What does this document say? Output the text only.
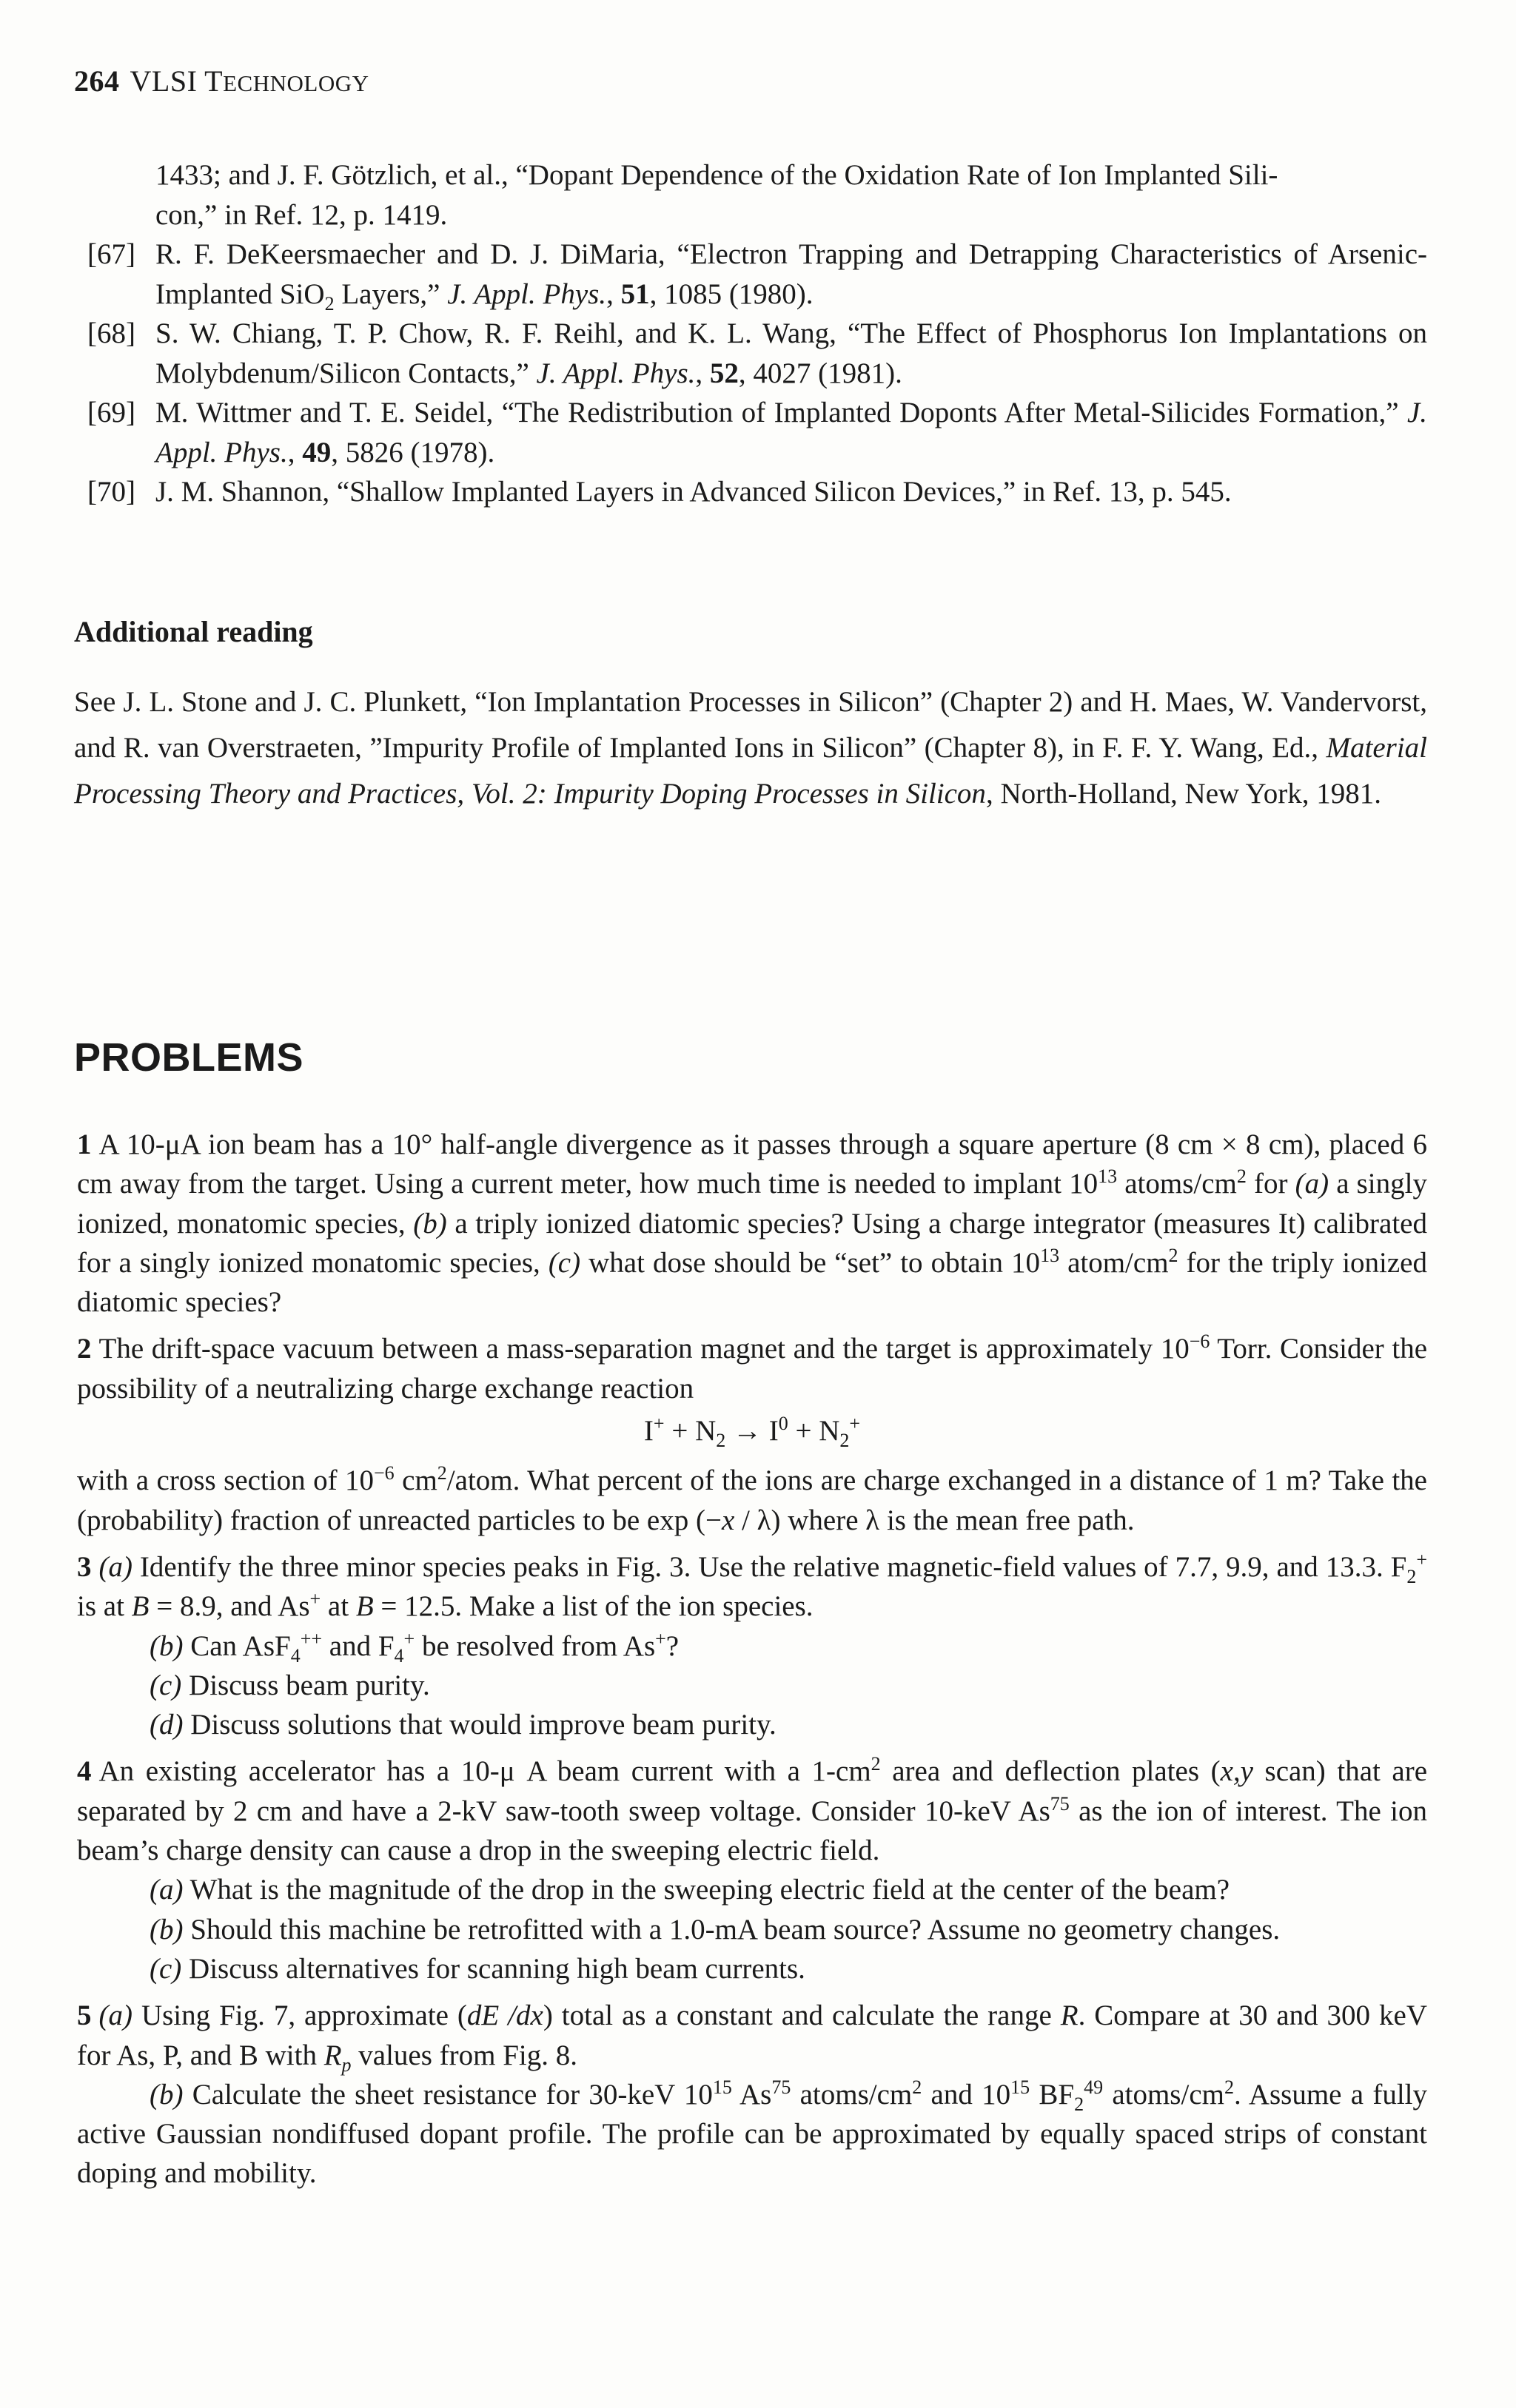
264 VLSI TECHNOLOGY
1433; and J. F. Götzlich, et al., “Dopant Dependence of the Oxidation Rate of Ion Implanted Sili-
con,” in Ref. 12, p. 1419.
[67] R. F. DeKeersmaecher and D. J. DiMaria, “Electron Trapping and Detrapping Characteristics of Arsenic-Implanted SiO$_2$ Layers,” J. Appl. Phys., 51, 1085 (1980).
[68] S. W. Chiang, T. P. Chow, R. F. Reihl, and K. L. Wang, “The Effect of Phosphorus Ion Implantations on Molybdenum/Silicon Contacts,” J. Appl. Phys., 52, 4027 (1981).
[69] M. Wittmer and T. E. Seidel, “The Redistribution of Implanted Doponts After Metal-Silicides Formation,” J. Appl. Phys., 49, 5826 (1978).
[70] J. M. Shannon, “Shallow Implanted Layers in Advanced Silicon Devices,” in Ref. 13, p. 545.
Additional reading
See J. L. Stone and J. C. Plunkett, “Ion Implantation Processes in Silicon” (Chapter 2) and H. Maes, W. Vandervorst, and R. van Overstraeten, ”Impurity Profile of Implanted Ions in Silicon” (Chapter 8), in F. F. Y. Wang, Ed., Material Processing Theory and Practices, Vol. 2: Impurity Doping Processes in Silicon, North-Holland, New York, 1981.
PROBLEMS
1 A 10-μA ion beam has a 10° half-angle divergence as it passes through a square aperture (8 cm × 8 cm), placed 6 cm away from the target. Using a current meter, how much time is needed to implant $10^{13}$ atoms/$cm^2$ for (a) a singly ionized, monatomic species, (b) a triply ionized diatomic species? Using a charge integrator (measures It) calibrated for a singly ionized monatomic species, (c) what dose should be “set” to obtain $10^{13}$ atom/$cm^2$ for the triply ionized diatomic species?
2 The drift-space vacuum between a mass-separation magnet and the target is approximately $10^{-6}$ Torr. Consider the possibility of a neutralizing charge exchange reaction
$I^+ + N_2 \to I^0 + N_2^+$
with a cross section of $10^{-6}$ $cm^2$/atom. What percent of the ions are charge exchanged in a distance of 1 m? Take the (probability) fraction of unreacted particles to be exp (−x / λ) where λ is the mean free path.
3 (a) Identify the three minor species peaks in Fig. 3. Use the relative magnetic-field values of 7.7, 9.9, and 13.3. $F_2^+$ is at B = 8.9, and As+ at B = 12.5. Make a list of the ion species.
(b) Can AsF$_4$++ and $F_4^+$ be resolved from As+?
(c) Discuss beam purity.
(d) Discuss solutions that would improve beam purity.
4 An existing accelerator has a 10-μ A beam current with a $1-cm^2$ area and deflection plates (x,y scan) that are separated by 2 cm and have a 2-kV saw-tooth sweep voltage. Consider 10-keV As$^{75}$ as the ion of interest. The ion beam’s charge density can cause a drop in the sweeping electric field.
(a) What is the magnitude of the drop in the sweeping electric field at the center of the beam?
(b) Should this machine be retrofitted with a 1.0-mA beam source? Assume no geometry changes.
(c) Discuss alternatives for scanning high beam currents.
5 (a) Using Fig. 7, approximate (dE /dx) total as a constant and calculate the range R. Compare at 30 and 300 keV for As, P, and B with $R_p$ values from Fig. 8.
(b) Calculate the sheet resistance for 30-keV $10^{15}$ As$^{75}$ atoms/$cm^2$ and $10^{15}$ $BF_2^{49}$ atoms/$cm^2$. Assume a fully active Gaussian nondiffused dopant profile. The profile can be approximated by equally spaced strips of constant doping and mobility.
